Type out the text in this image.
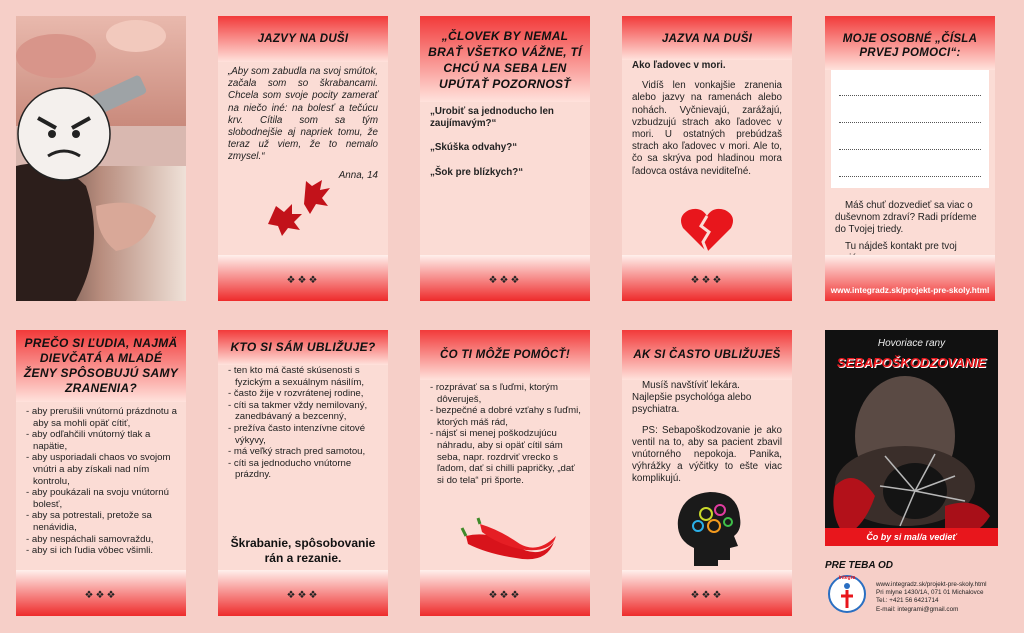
JAZVY NA DUŠI
„Aby som zabudla na svoj smútok, začala som so škrabancami. Chcela som svoje pocity zamerať na niečo iné: na bolesť a tečúcu krv. Cítila som sa tým slobodnejšie aj napriek tomu, že teraz už viem, že to nemalo zmysel.“
Anna, 14
❖❖❖
„ČLOVEK BY NEMAL BRAŤ VŠETKO VÁŽNE, TÍ CHCÚ NA SEBA LEN UPÚTAŤ POZORNOSŤ
„Urobiť sa jednoducho len zaujímavým?“
„Skúška odvahy?“
„Šok pre blízkych?“
❖❖❖
JAZVA NA DUŠI
Ako ľadovec v mori.
Vidíš len vonkajšie zranenia alebo jazvy na ramenách alebo nohách. Vyčnievajú, zarážajú, vzbudzujú strach ako ľadovec v mori. U ostatných prebúdzaš strach ako ľadovec v mori. Ale to, čo sa skrýva pod hladinou mora ľadovca ostáva neviditeľné.
❖❖❖
MOJE OSOBNÉ „ČÍSLA PRVEJ POMOCI“:
Máš chuť dozvedieť sa viac o duševnom zdraví? Radi prídeme do Tvojej triedy.
Tu nájdeš kontakt pre tvoj
www.integradz.sk/projekt-pre-skoly.html
PREČO SI ĽUDIA, NAJMÄ DIEVČATÁ A MLADÉ ŽENY SPÔSOBUJÚ SAMY ZRANENIA?
- aby prerušili vnútornú prázdnotu a aby sa mohli opäť cítiť,
- aby odľahčili vnútorný tlak a napätie,
- aby usporiadali chaos vo svojom vnútri a aby získali nad ním kontrolu,
- aby poukázali na svoju vnútornú bolesť,
- aby sa potrestali, pretože sa nenávidia,
- aby nespáchali samovraždu,
- aby si ich ľudia vôbec všimli.
❖❖❖
KTO SI SÁM UBLIŽUJE?
- ten kto má časté skúsenosti s fyzickým a sexuálnym násilím,
- často žije v rozvrátenej rodine,
- cíti sa takmer vždy nemilovaný, zanedbávaný a bezcenný,
- prežíva často intenzívne citové výkyvy,
- má veľký strach pred samotou,
- cíti sa jednoducho vnútorne prázdny.
Škrabanie, spôsobovanie rán a rezanie.
❖❖❖
ČO TI MÔŽE POMÔCŤ!
- rozprávať sa s ľuďmi, ktorým dôveruješ,
- bezpečné a dobré vzťahy s ľuďmi, ktorých máš rád,
- nájsť si menej poškodzujúcu náhradu, aby si opäť cítil sám seba, napr. rozdrviť vrecko s ľadom, dať si chilli papričky, „dať si do tela“ pri športe.
❖❖❖
AK SI ČASTO UBLIŽUJEŠ
Musíš navštíviť lekára. Najlepšie psychológa alebo psychiatra.
PS: Sebapoškodzovanie je ako ventil na to, aby sa pacient zbavil vnútorného nepokoja. Panika, výhrážky a výčitky to ešte viac komplikujú.
❖❖❖
Hovoriace rany
SEBAPOŠKODZOVANIE
Čo by si mal/a vedieť
PRE TEBA OD
integra
www.integradz.sk/projekt-pre-skoly.html
Pri mlyne 1430/1A, 071 01 Michalovce
Tel.: +421 56 6421714
E-mail: integrami@gmail.com
